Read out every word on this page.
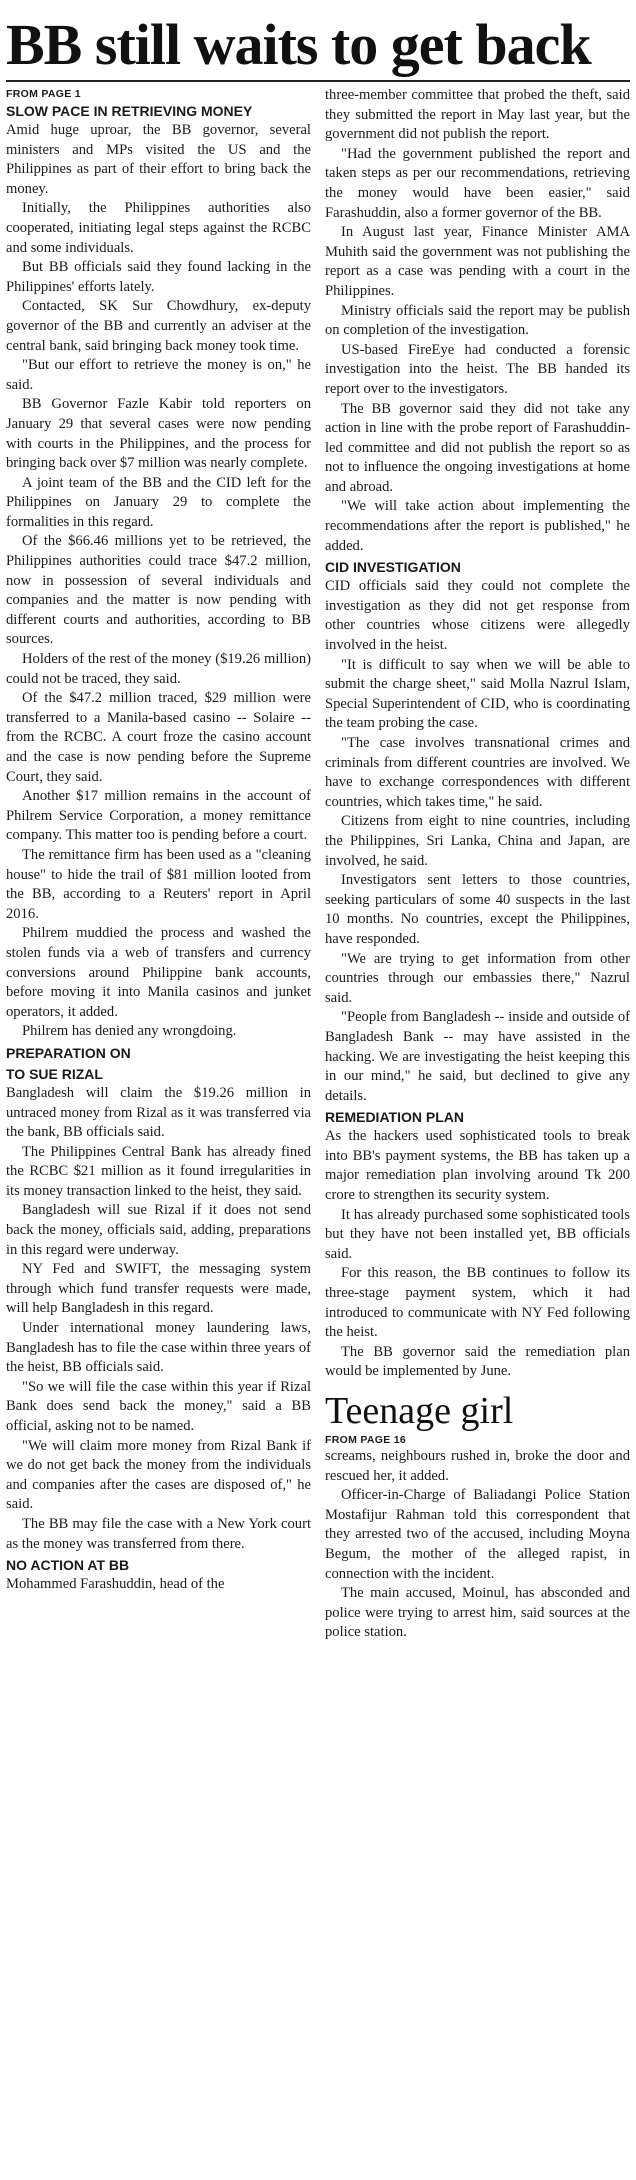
BB still waits to get back
FROM PAGE 1
SLOW PACE IN RETRIEVING MONEY

Amid huge uproar, the BB governor, several ministers and MPs visited the US and the Philippines as part of their effort to bring back the money.

Initially, the Philippines authorities also cooperated, initiating legal steps against the RCBC and some individuals.

But BB officials said they found lacking in the Philippines' efforts lately.

Contacted, SK Sur Chowdhury, ex-deputy governor of the BB and currently an adviser at the central bank, said bringing back money took time.

"But our effort to retrieve the money is on," he said.

BB Governor Fazle Kabir told reporters on January 29 that several cases were now pending with courts in the Philippines, and the process for bringing back over $7 million was nearly complete.

A joint team of the BB and the CID left for the Philippines on January 29 to complete the formalities in this regard.

Of the $66.46 millions yet to be retrieved, the Philippines authorities could trace $47.2 million, now in possession of several individuals and companies and the matter is now pending with different courts and authorities, according to BB sources.

Holders of the rest of the money ($19.26 million) could not be traced, they said.

Of the $47.2 million traced, $29 million were transferred to a Manila-based casino -- Solaire -- from the RCBC. A court froze the casino account and the case is now pending before the Supreme Court, they said.

Another $17 million remains in the account of Philrem Service Corporation, a money remittance company. This matter too is pending before a court.

The remittance firm has been used as a "cleaning house" to hide the trail of $81 million looted from the BB, according to a Reuters' report in April 2016.

Philrem muddied the process and washed the stolen funds via a web of transfers and currency conversions around Philippine bank accounts, before moving it into Manila casinos and junket operators, it added.

Philrem has denied any wrongdoing.

PREPARATION ON
TO SUE RIZAL

Bangladesh will claim the $19.26 million in untraced money from Rizal as it was transferred via the bank, BB officials said.

The Philippines Central Bank has already fined the RCBC $21 million as it found irregularities in its money transaction linked to the heist, they said.

Bangladesh will sue Rizal if it does not send back the money, officials said, adding, preparations in this regard were underway.

NY Fed and SWIFT, the messaging system through which fund transfer requests were made, will help Bangladesh in this regard.

Under international money laundering laws, Bangladesh has to file the case within three years of the heist, BB officials said.

"So we will file the case within this year if Rizal Bank does send back the money," said a BB official, asking not to be named.

"We will claim more money from Rizal Bank if we do not get back the money from the individuals and companies after the cases are disposed of," he said.

The BB may file the case with a New York court as the money was transferred from there.

NO ACTION AT BB

Mohammed Farashuddin, head of the

three-member committee that probed the theft, said they submitted the report in May last year, but the government did not publish the report.

"Had the government published the report and taken steps as per our recommendations, retrieving the money would have been easier," said Farashuddin, also a former governor of the BB.

In August last year, Finance Minister AMA Muhith said the government was not publishing the report as a case was pending with a court in the Philippines.

Ministry officials said the report may be publish on completion of the investigation.

US-based FireEye had conducted a forensic investigation into the heist. The BB handed its report over to the investigators.

The BB governor said they did not take any action in line with the probe report of Farashuddin-led committee and did not publish the report so as not to influence the ongoing investigations at home and abroad.

"We will take action about implementing the recommendations after the report is published," he added.

CID INVESTIGATION

CID officials said they could not complete the investigation as they did not get response from other countries whose citizens were allegedly involved in the heist.

"It is difficult to say when we will be able to submit the charge sheet," said Molla Nazrul Islam, Special Superintendent of CID, who is coordinating the team probing the case.

"The case involves transnational crimes and criminals from different countries are involved. We have to exchange correspondences with different countries, which takes time," he said.

Citizens from eight to nine countries, including the Philippines, Sri Lanka, China and Japan, are involved, he said.

Investigators sent letters to those countries, seeking particulars of some 40 suspects in the last 10 months. No countries, except the Philippines, have responded.

"We are trying to get information from other countries through our embassies there," Nazrul said.

"People from Bangladesh -- inside and outside of Bangladesh Bank -- may have assisted in the hacking. We are investigating the heist keeping this in our mind," he said, but declined to give any details.

REMEDIATION PLAN

As the hackers used sophisticated tools to break into BB's payment systems, the BB has taken up a major remediation plan involving around Tk 200 crore to strengthen its security system.

It has already purchased some sophisticated tools but they have not been installed yet, BB officials said.

For this reason, the BB continues to follow its three-stage payment system, which it had introduced to communicate with NY Fed following the heist.

The BB governor said the remediation plan would be implemented by June.

Teenage girl
FROM PAGE 16

screams, neighbours rushed in, broke the door and rescued her, it added.

Officer-in-Charge of Baliadangi Police Station Mostafijur Rahman told this correspondent that they arrested two of the accused, including Moyna Begum, the mother of the alleged rapist, in connection with the incident.

The main accused, Moinul, has absconded and police were trying to arrest him, said sources at the police station.
